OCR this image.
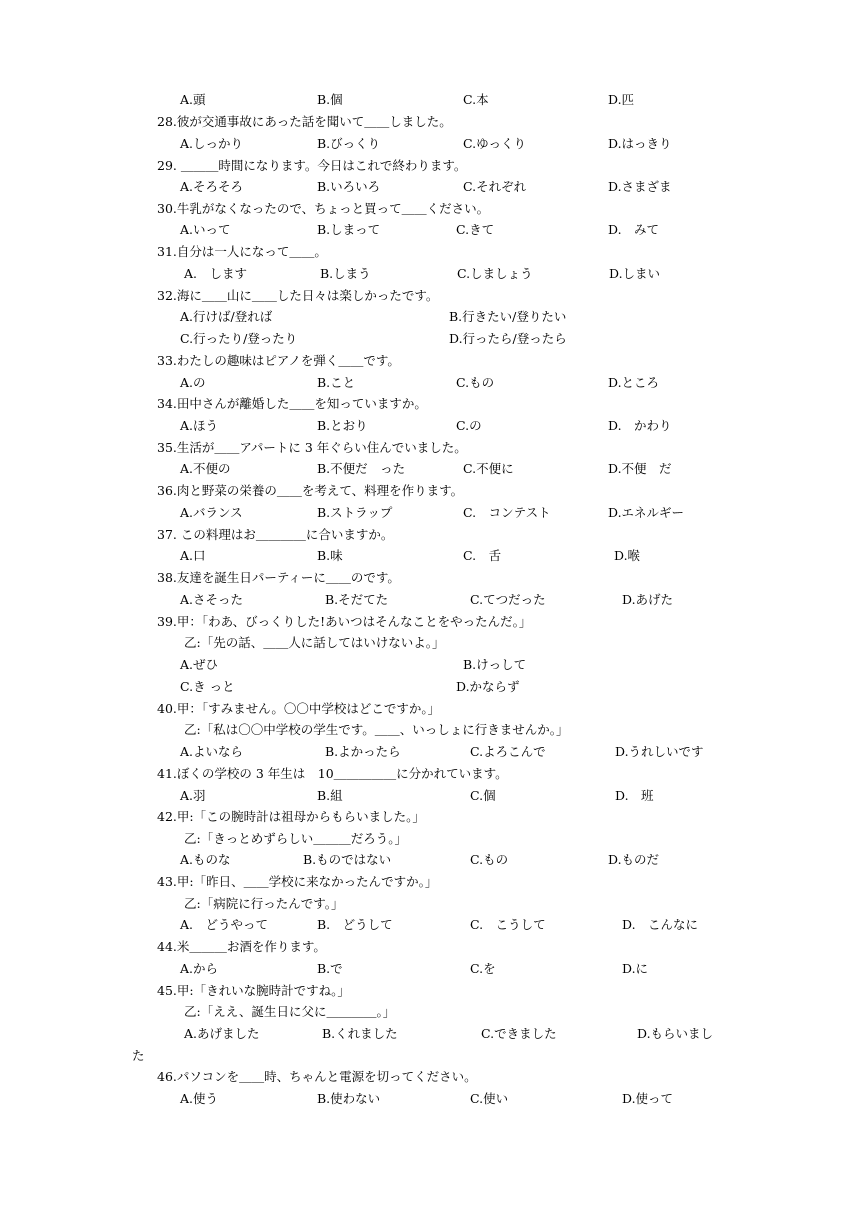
A.頭	B.個	C.本	D.匹
28.彼が交通事故にあった話を聞いて＿＿しました。
A.しっかり	B.びっくり	C.ゆっくり	D.はっきり
29. ＿＿＿時間になります。今日はこれで終わります。
A.そろそろ	B.いろいろ	C.それぞれ	D.さまざま
30.牛乳がなくなったので、ちょっと買って＿＿ください。
A.いって	B.しまって	C.きて	D.　みて
31.自分は一人になって＿＿。
A.　します	B.しまう	C.しましょう	D.しまい
32.海に＿＿山に＿＿した日々は楽しかったです。
A.行けば/登れば	B.行きたい/登りたい
C.行ったり/登ったり	D.行ったら/登ったら
33.わたしの趣味はピアノを弾く＿＿です。
A.の	B.こと	C.もの	D.ところ
34.田中さんが離婚した＿＿を知っていますか。
A.ほう	B.とおり	C.の	D.　かわり
35.生活が＿＿アパートに 3 年ぐらい住んでいました。
A.不便の	B.不便だ　った	C.不便に	D.不便　だ
36.肉と野菜の栄養の＿＿を考えて、料理を作ります。
A.バランス	B.ストラップ	C.　コンテスト	D.エネルギー
37. この料理はお＿＿＿＿に合いますか。
A.口	B.味	C.　舌	D.喉
38.友達を誕生日パーティーに＿＿のです。
A.さそった	B.そだてた	C.てつだった	D.あげた
39.甲：「わあ、びっくりした!あいつはそんなことをやったんだ。」
乙:「先の話、＿＿人に話してはいけないよ。」
A.ぜひ	B.けっして
C.き っと	D.かならず
40.甲：「すみません。〇〇中学校はどこですか。」
乙:「私は〇〇中学校の学生です。＿＿、いっしょに行きませんか。」
A.よいなら	B.よかったら	C.よろこんで	D.うれしいです
41.ぼくの学校の 3 年生は　10＿＿＿＿＿に分かれています。
A.羽	B.組	C.個	D.　班
42.甲:「この腕時計は祖母からもらいました。」
乙:「きっとめずらしい＿＿＿だろう。」
A.ものな	B.ものではない	C.もの	D.ものだ
43.甲:「昨日、＿＿学校に来なかったんですか。」
乙:「病院に行ったんです。」
A.　どうやって	B.　どうして	C.　こうして	D.　こんなに
44.米＿＿＿お酒を作ります。
A.から	B.で	C.を	D.に
45.甲:「きれいな腕時計ですね。」
乙:「ええ、誕生日に父に＿＿＿＿。」
A.あげました	B.くれました	C.できました	D.もらいまし
た
46.パソコンを＿＿時、ちゃんと電源を切ってください。
A.使う	B.使わない	C.使い	D.使って
